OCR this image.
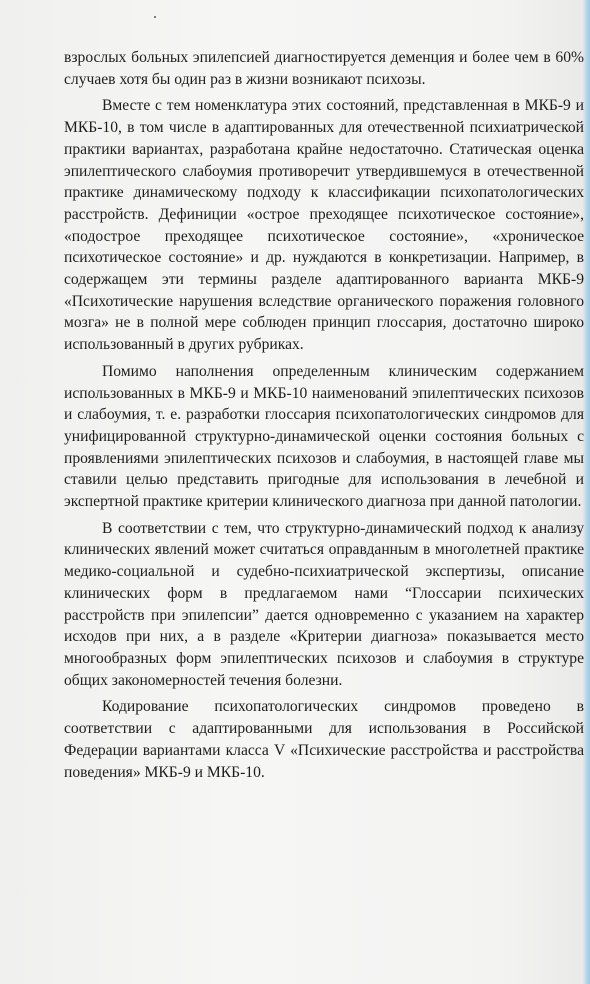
взрослых больных эпилепсией диагностируется деменция и более чем в 60% случаев хотя бы один раз в жизни возникают психозы.

Вместе с тем номенклатура этих состояний, представленная в МКБ-9 и МКБ-10, в том числе в адаптированных для отечественной психиатрической практики вариантах, разработана крайне недостаточно. Статическая оценка эпилептического слабоумия противоречит утвердившемуся в отечественной практике динамическому подходу к классификации психопатологических расстройств. Дефиниции «острое преходящее психотическое состояние», «подострое преходящее психотическое состояние», «хроническое психотическое состояние» и др. нуждаются в конкретизации. Например, в содержащем эти термины разделе адаптированного варианта МКБ-9 «Психотические нарушения вследствие органического поражения головного мозга» не в полной мере соблюден принцип глоссария, достаточно широко использованный в других рубриках.

Помимо наполнения определенным клиническим содержанием использованных в МКБ-9 и МКБ-10 наименований эпилептических психозов и слабоумия, т. е. разработки глоссария психопатологических синдромов для унифицированной структурно-динамической оценки состояния больных с проявлениями эпилептических психозов и слабоумия, в настоящей главе мы ставили целью представить пригодные для использования в лечебной и экспертной практике критерии клинического диагноза при данной патологии.

В соответствии с тем, что структурно-динамический подход к анализу клинических явлений может считаться оправданным в многолетней практике медико-социальной и судебно-психиатрической экспертизы, описание клинических форм в предлагаемом нами “Глоссарии психических расстройств при эпилепсии” дается одновременно с указанием на характер исходов при них, а в разделе «Критерии диагноза» показывается место многообразных форм эпилептических психозов и слабоумия в структуре общих закономерностей течения болезни.

Кодирование психопатологических синдромов проведено в соответствии с адаптированными для использования в Российской Федерации вариантами класса V «Психические расстройства и расстройства поведения» МКБ-9 и МКБ-10.
